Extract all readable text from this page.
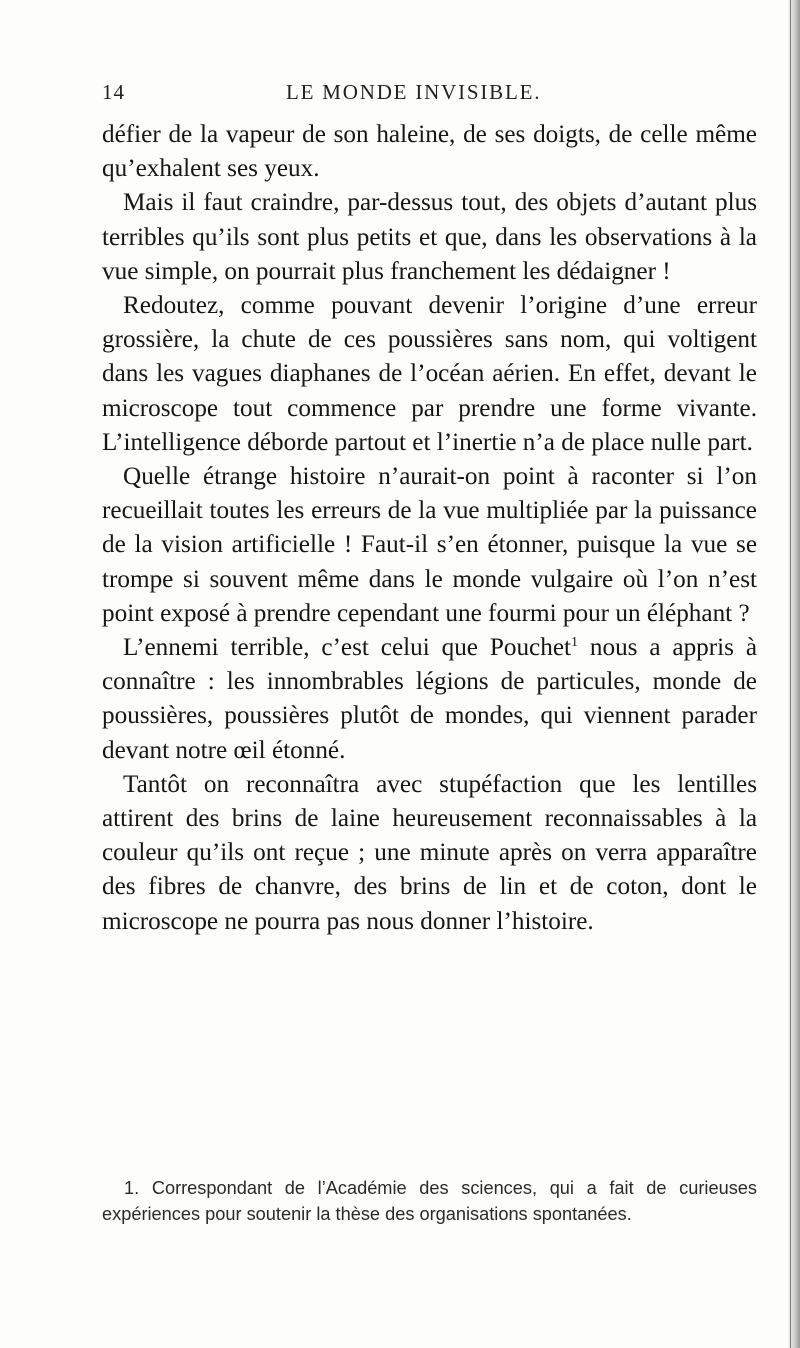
14	LE MONDE INVISIBLE.

défier de la vapeur de son haleine, de ses doigts, de celle même qu’exhalent ses yeux.

Mais il faut craindre, par-dessus tout, des objets d’autant plus terribles qu’ils sont plus petits et que, dans les observations à la vue simple, on pourrait plus franchement les dédaigner !

Redoutez, comme pouvant devenir l’origine d’une erreur grossière, la chute de ces poussières sans nom, qui voltigent dans les vagues diaphanes de l’océan aérien. En effet, devant le microscope tout commence par prendre une forme vivante. L’intelligence déborde partout et l’inertie n’a de place nulle part.

Quelle étrange histoire n’aurait-on point à raconter si l’on recueillait toutes les erreurs de la vue multipliée par la puissance de la vision artificielle ! Faut-il s’en étonner, puisque la vue se trompe si souvent même dans le monde vulgaire où l’on n’est point exposé à prendre cependant une fourmi pour un éléphant ?

L’ennemi terrible, c’est celui que Pouchet$^1$ nous a appris à connaître : les innombrables légions de particules, monde de poussières, poussières plutôt de mondes, qui viennent parader devant notre œil étonné.

Tantôt on reconnaîtra avec stupéfaction que les lentilles attirent des brins de laine heureusement reconnaissables à la couleur qu’ils ont reçue ; une minute après on verra apparaître des fibres de chanvre, des brins de lin et de coton, dont le microscope ne pourra pas nous donner l’histoire.

1. Correspondant de l’Académie des sciences, qui a fait de curieuses expériences pour soutenir la thèse des organisations spontanées.
